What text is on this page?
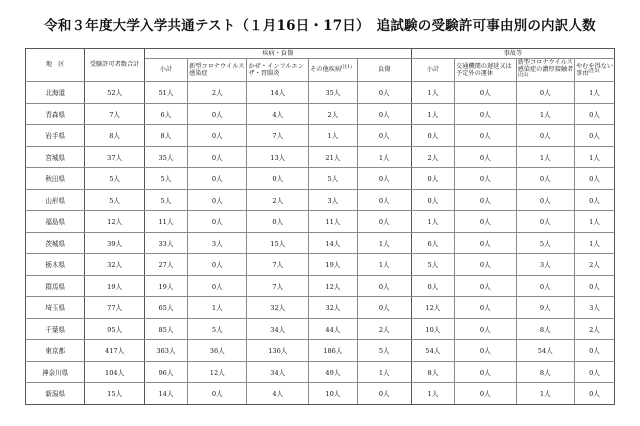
令和３年度大学入学共通テスト（１月16日・17日）　追試験の受験許可事由別の内訳人数
地　区	受験許可者数合計	疾病・負傷					事故等			
		小計	新型コロナウイルス感染症	かぜ・インフルエンザ・胃腸炎	その他疾病$^{(注1)}$	負傷	小計	交通機関の遅延又は予定外の運休	新型コロナウイルス感染症の濃厚接触者$^{(注2)}$	やむを得ない事由$^{(注3)}$
北海道	52人	51人	2人	14人	35人	0人	1人	0人	0人	1人
青森県	7人	6人	0人	4人	2人	0人	1人	0人	1人	0人
岩手県	8人	8人	0人	7人	1人	0人	0人	0人	0人	0人
宮城県	37人	35人	0人	13人	21人	1人	2人	0人	1人	1人
秋田県	5人	5人	0人	0人	5人	0人	0人	0人	0人	0人
山形県	5人	5人	0人	2人	3人	0人	0人	0人	0人	0人
福島県	12人	11人	0人	0人	11人	0人	1人	0人	0人	1人
茨城県	39人	33人	3人	15人	14人	1人	6人	0人	5人	1人
栃木県	32人	27人	0人	7人	19人	1人	5人	0人	3人	2人
群馬県	19人	19人	0人	7人	12人	0人	0人	0人	0人	0人
埼玉県	77人	65人	1人	32人	32人	0人	12人	0人	9人	3人
千葉県	95人	85人	5人	34人	44人	2人	10人	0人	8人	2人
東京都	417人	363人	36人	136人	186人	5人	54人	0人	54人	0人
神奈川県	104人	96人	12人	34人	49人	1人	8人	0人	8人	0人
新潟県	15人	14人	0人	4人	10人	0人	1人	0人	1人	0人
